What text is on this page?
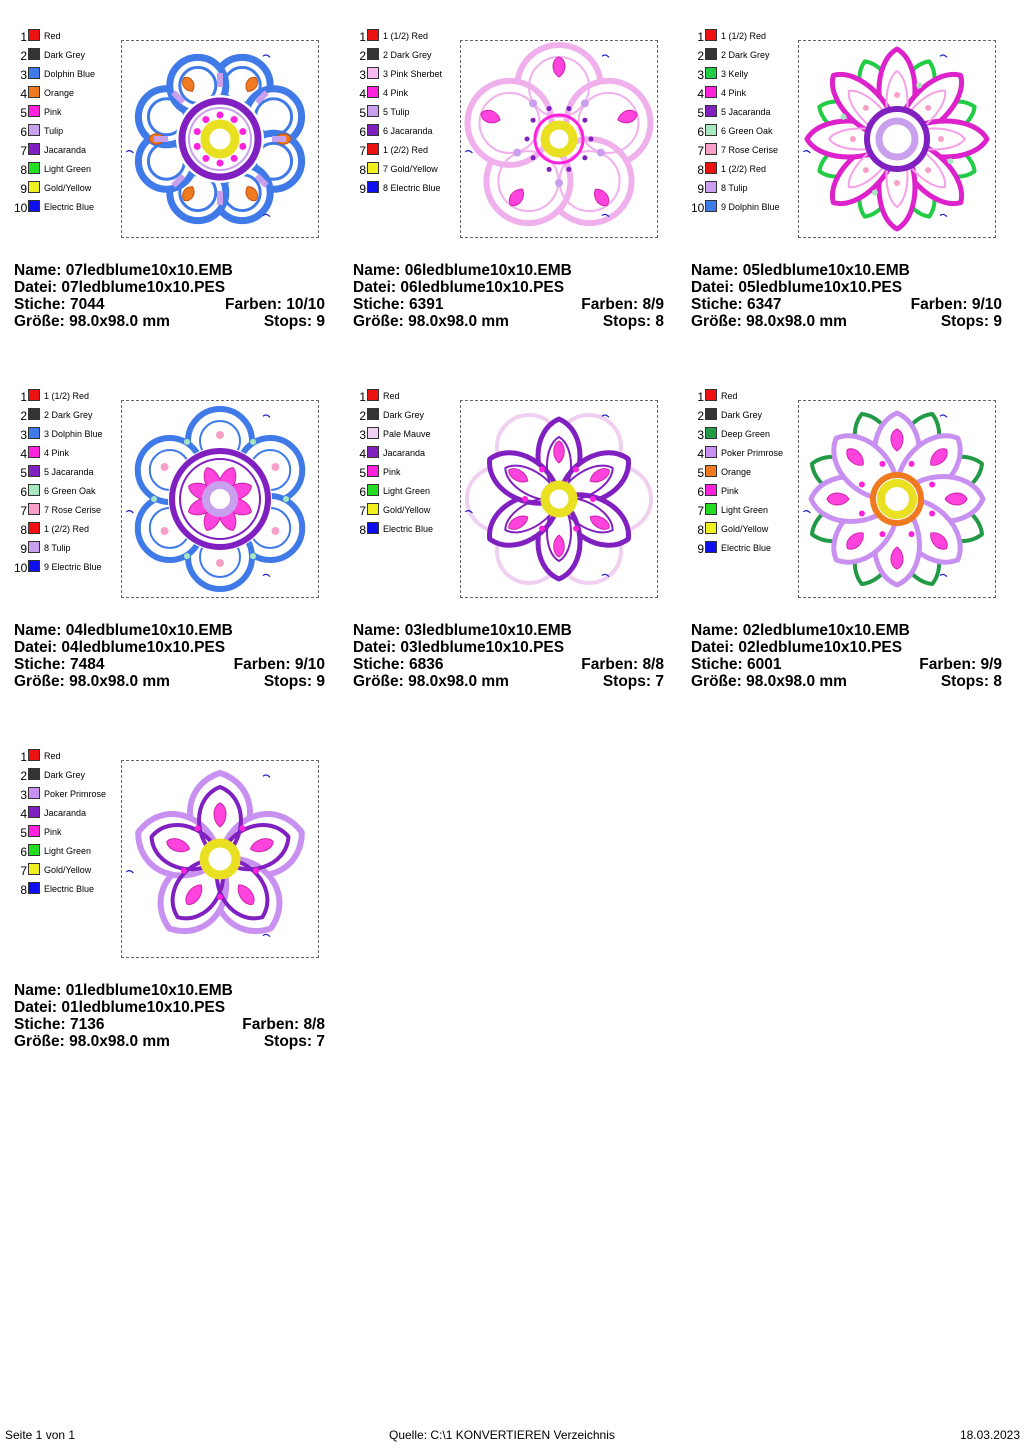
1 Red
2 Dark Grey
3 Dolphin Blue
4 Orange
5 Pink
6 Tulip
7 Jacaranda
8 Light Green
9 Gold/Yellow
10 Electric Blue
Name: 07ledblume10x10.EMB
Datei: 07ledblume10x10.PES
Stiche: 7044	Farben: 10/10
Größe: 98.0x98.0 mm	Stops: 9
1 1 (1/2) Red
2 2 Dark Grey
3 3 Pink Sherbet
4 4 Pink
5 5 Tulip
6 6 Jacaranda
7 1 (2/2) Red
8 7 Gold/Yellow
9 8 Electric Blue
Name: 06ledblume10x10.EMB
Datei: 06ledblume10x10.PES
Stiche: 6391	Farben: 8/9
Größe: 98.0x98.0 mm	Stops: 8
1 1 (1/2) Red
2 2 Dark Grey
3 3 Kelly
4 4 Pink
5 5 Jacaranda
6 6 Green Oak
7 7 Rose Cerise
8 1 (2/2) Red
9 8 Tulip
10 9 Dolphin Blue
Name: 05ledblume10x10.EMB
Datei: 05ledblume10x10.PES
Stiche: 6347	Farben: 9/10
Größe: 98.0x98.0 mm	Stops: 9
1 1 (1/2) Red
2 2 Dark Grey
3 3 Dolphin Blue
4 4 Pink
5 5 Jacaranda
6 6 Green Oak
7 7 Rose Cerise
8 1 (2/2) Red
9 8 Tulip
10 9 Electric Blue
Name: 04ledblume10x10.EMB
Datei: 04ledblume10x10.PES
Stiche: 7484	Farben: 9/10
Größe: 98.0x98.0 mm	Stops: 9
1 Red
2 Dark Grey
3 Pale Mauve
4 Jacaranda
5 Pink
6 Light Green
7 Gold/Yellow
8 Electric Blue
Name: 03ledblume10x10.EMB
Datei: 03ledblume10x10.PES
Stiche: 6836	Farben: 8/8
Größe: 98.0x98.0 mm	Stops: 7
1 Red
2 Dark Grey
3 Deep Green
4 Poker Primrose
5 Orange
6 Pink
7 Light Green
8 Gold/Yellow
9 Electric Blue
Name: 02ledblume10x10.EMB
Datei: 02ledblume10x10.PES
Stiche: 6001	Farben: 9/9
Größe: 98.0x98.0 mm	Stops: 8
1 Red
2 Dark Grey
3 Poker Primrose
4 Jacaranda
5 Pink
6 Light Green
7 Gold/Yellow
8 Electric Blue
Name: 01ledblume10x10.EMB
Datei: 01ledblume10x10.PES
Stiche: 7136	Farben: 8/8
Größe: 98.0x98.0 mm	Stops: 7
Seite 1 von 1	Quelle: C:\1 KONVERTIEREN Verzeichnis	18.03.2023
